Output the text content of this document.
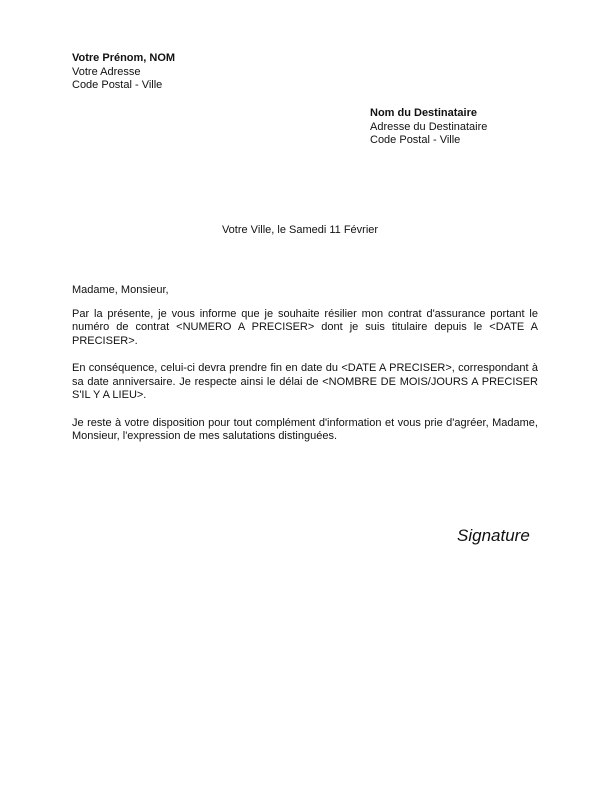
Votre Prénom, NOM
Votre Adresse
Code Postal - Ville
Nom du Destinataire
Adresse du Destinataire
Code Postal - Ville
Votre Ville, le Samedi 11 Février

Madame, Monsieur,

Par la présente, je vous informe que je souhaite résilier mon contrat d'assurance portant le numéro de contrat <NUMERO A PRECISER> dont je suis titulaire depuis le <DATE A PRECISER>.

En conséquence, celui-ci devra prendre fin en date du <DATE A PRECISER>, correspondant à sa date anniversaire. Je respecte ainsi le délai de <NOMBRE DE MOIS/JOURS A PRECISER S'IL Y A LIEU>.

Je reste à votre disposition pour tout complément d'information et vous prie d'agréer, Madame, Monsieur, l'expression de mes salutations distinguées.

Signature
